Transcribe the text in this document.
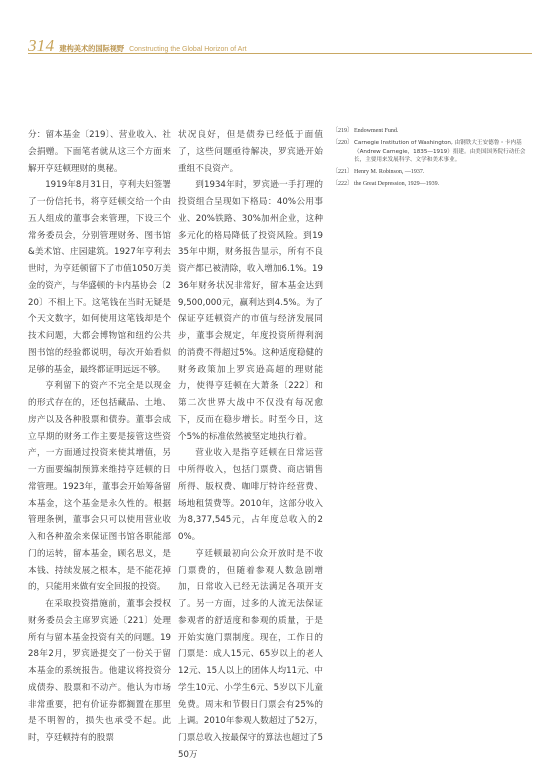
314 建构美术的国际视野 Constructing the Global Horizon of Art

分：留本基金〔219〕、营业收入、社会捐赠。下面笔者就从这三个方面来解开亨廷顿理财的奥秘。

1919年8月31日，亨利夫妇签署了一份信托书，将亨廷顿交给一个由五人组成的董事会来管理，下设三个常务委员会，分别管理财务、图书馆&美术馆、庄园建筑。1927年亨利去世时，为亨廷顿留下了市值1050万美金的资产，与华盛顿的卡内基协会〔220〕不相上下。这笔钱在当时无疑是个天文数字，如何使用这笔钱却是个技术问题，大都会博物馆和纽约公共图书馆的经验都说明，每次开始看似足够的基金，最终都证明远远不够。

亨利留下的资产不完全是以现金的形式存在的，还包括藏品、土地、房产以及各种股票和债券。董事会成立早期的财务工作主要是接管这些资产，一方面通过投资来使其增值，另一方面要编制预算来维持亨廷顿的日常管理。1923年，董事会开始筹备留本基金，这个基金是永久性的。根据管理条例，董事会只可以使用营业收入和各种盈余来保证图书馆各职能部门的运转，留本基金，顾名思义，是本钱、持续发展之根本，是不能花掉的，只能用来做有安全回报的投资。

在采取投资措施前，董事会授权财务委员会主席罗宾逊〔221〕处理所有与留本基金投资有关的问题。1928年2月，罗宾逊提交了一份关于留本基金的系统报告。他建议将投资分成债券、股票和不动产。他认为市场非常重要，把有价证券都搁置在那里是不明智的，损失也承受不起。此时，亨廷顿持有的股票

状况良好，但是债券已经低于面值了，这些问题亟待解决，罗宾逊开始重组不良资产。

到1934年时，罗宾逊一手打理的投资组合呈现如下格局：40%公用事业、20%铁路、30%加州企业，这种多元化的格局降低了投资风险。到1935年中期，财务报告显示，所有不良资产都已被清除，收入增加6.1%。1936年财务状况非常好，留本基金达到9,500,000元，赢利达到4.5%。为了保证亨廷顿资产的市值与经济发展同步，董事会规定，年度投资所得利润的消费不得超过5%。这种适度稳健的财务政策加上罗宾逊高超的理财能力，使得亨廷顿在大萧条〔222〕和第二次世界大战中不仅没有每况愈下，反而在稳步增长。时至今日，这个5%的标准依然被坚定地执行着。

营业收入是指亨廷顿在日常运营中所得收入，包括门票费、商店销售所得、版权费、咖啡厅特许经营费、场地租赁费等。2010年，这部分收入为8,377,545元，占年度总收入的20%。

亨廷顿最初向公众开放时是不收门票费的，但随着参观人数急剧增加，日常收入已经无法满足各项开支了。另一方面，过多的人流无法保证参观者的舒适度和参观的质量，于是开始实施门票制度。现在，工作日的门票是：成人15元、65岁以上的老人12元、15人以上的团体人均11元、中学生10元、小学生6元、5岁以下儿童免费。周末和节假日门票会有25%的上调。2010年参观人数超过了52万，门票总收入按最保守的算法也超过了550万

〔219〕 Endowment Fund.
〔220〕 Carnegie Institution of Washington, 由钢铁大王安德鲁・卡内基（Andrew Carnegie，1835—1919）捐建。由美国国务院行动任会长，主要用来发展科学、文学和美术事业。
〔221〕 Henry M. Robinson, —1937.
〔222〕 the Great Depression, 1929—1939.
